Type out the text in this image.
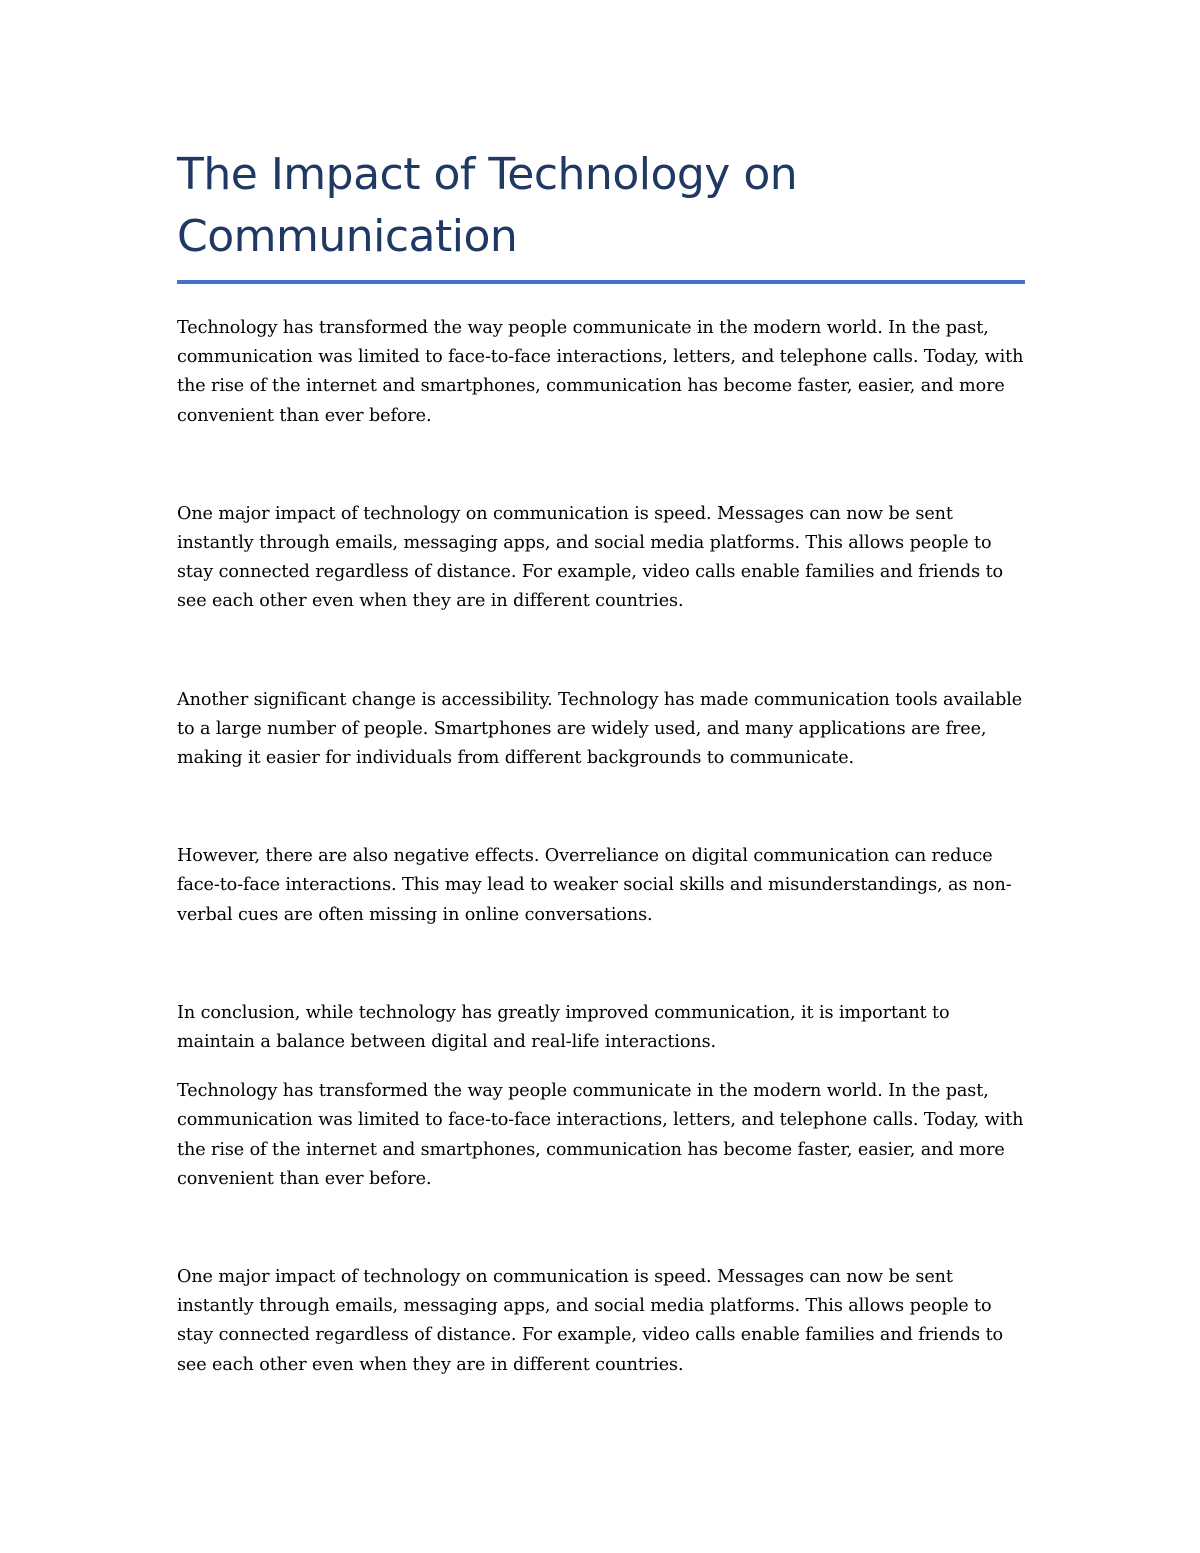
The Impact of Technology on Communication

Technology has transformed the way people communicate in the modern world. In the past, communication was limited to face-to-face interactions, letters, and telephone calls. Today, with the rise of the internet and smartphones, communication has become faster, easier, and more convenient than ever before.

One major impact of technology on communication is speed. Messages can now be sent instantly through emails, messaging apps, and social media platforms. This allows people to stay connected regardless of distance. For example, video calls enable families and friends to see each other even when they are in different countries.

Another significant change is accessibility. Technology has made communication tools available to a large number of people. Smartphones are widely used, and many applications are free, making it easier for individuals from different backgrounds to communicate.

However, there are also negative effects. Overreliance on digital communication can reduce face-to-face interactions. This may lead to weaker social skills and misunderstandings, as non-verbal cues are often missing in online conversations.

In conclusion, while technology has greatly improved communication, it is important to maintain a balance between digital and real-life interactions.

Technology has transformed the way people communicate in the modern world. In the past, communication was limited to face-to-face interactions, letters, and telephone calls. Today, with the rise of the internet and smartphones, communication has become faster, easier, and more convenient than ever before.

One major impact of technology on communication is speed. Messages can now be sent instantly through emails, messaging apps, and social media platforms. This allows people to stay connected regardless of distance. For example, video calls enable families and friends to see each other even when they are in different countries.
